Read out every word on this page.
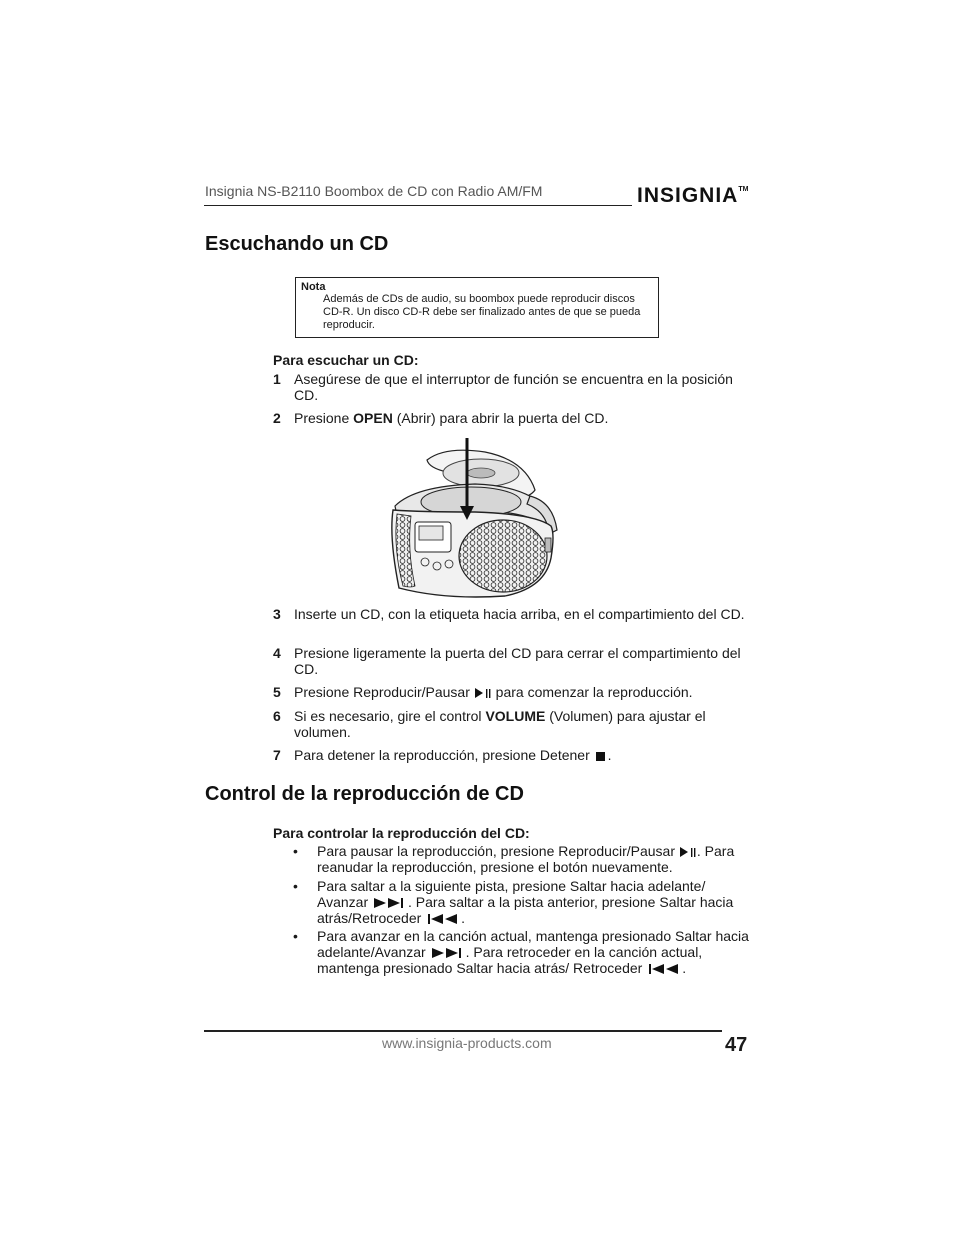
Insignia NS-B2110 Boombox de CD con Radio AM/FM	INSIGNIA™
Escuchando un CD
Nota
Además de CDs de audio, su boombox puede reproducir discos CD-R. Un disco CD-R debe ser finalizado antes de que se pueda reproducir.
Para escuchar un CD:
1 Asegúrese de que el interruptor de función se encuentra en la posición CD.
2 Presione OPEN (Abrir) para abrir la puerta del CD.
3 Inserte un CD, con la etiqueta hacia arriba, en el compartimiento del CD.
4 Presione ligeramente la puerta del CD para cerrar el compartimiento del CD.
5 Presione Reproducir/Pausar  para comenzar la reproducción.
6 Si es necesario, gire el control VOLUME (Volumen) para ajustar el volumen.
7 Para detener la reproducción, presione Detener .
Control de la reproducción de CD
Para controlar la reproducción del CD:
• Para pausar la reproducción, presione Reproducir/Pausar . Para reanudar la reproducción, presione el botón nuevamente.
• Para saltar a la siguiente pista, presione Saltar hacia adelante/ Avanzar	. Para saltar a la pista anterior, presione Saltar hacia atrás/Retroceder	.
• Para avanzar en la canción actual, mantenga presionado Saltar hacia adelante/Avanzar	. Para retroceder en la canción actual, mantenga presionado Saltar hacia atrás/ Retroceder	.
www.insignia-products.com	47
